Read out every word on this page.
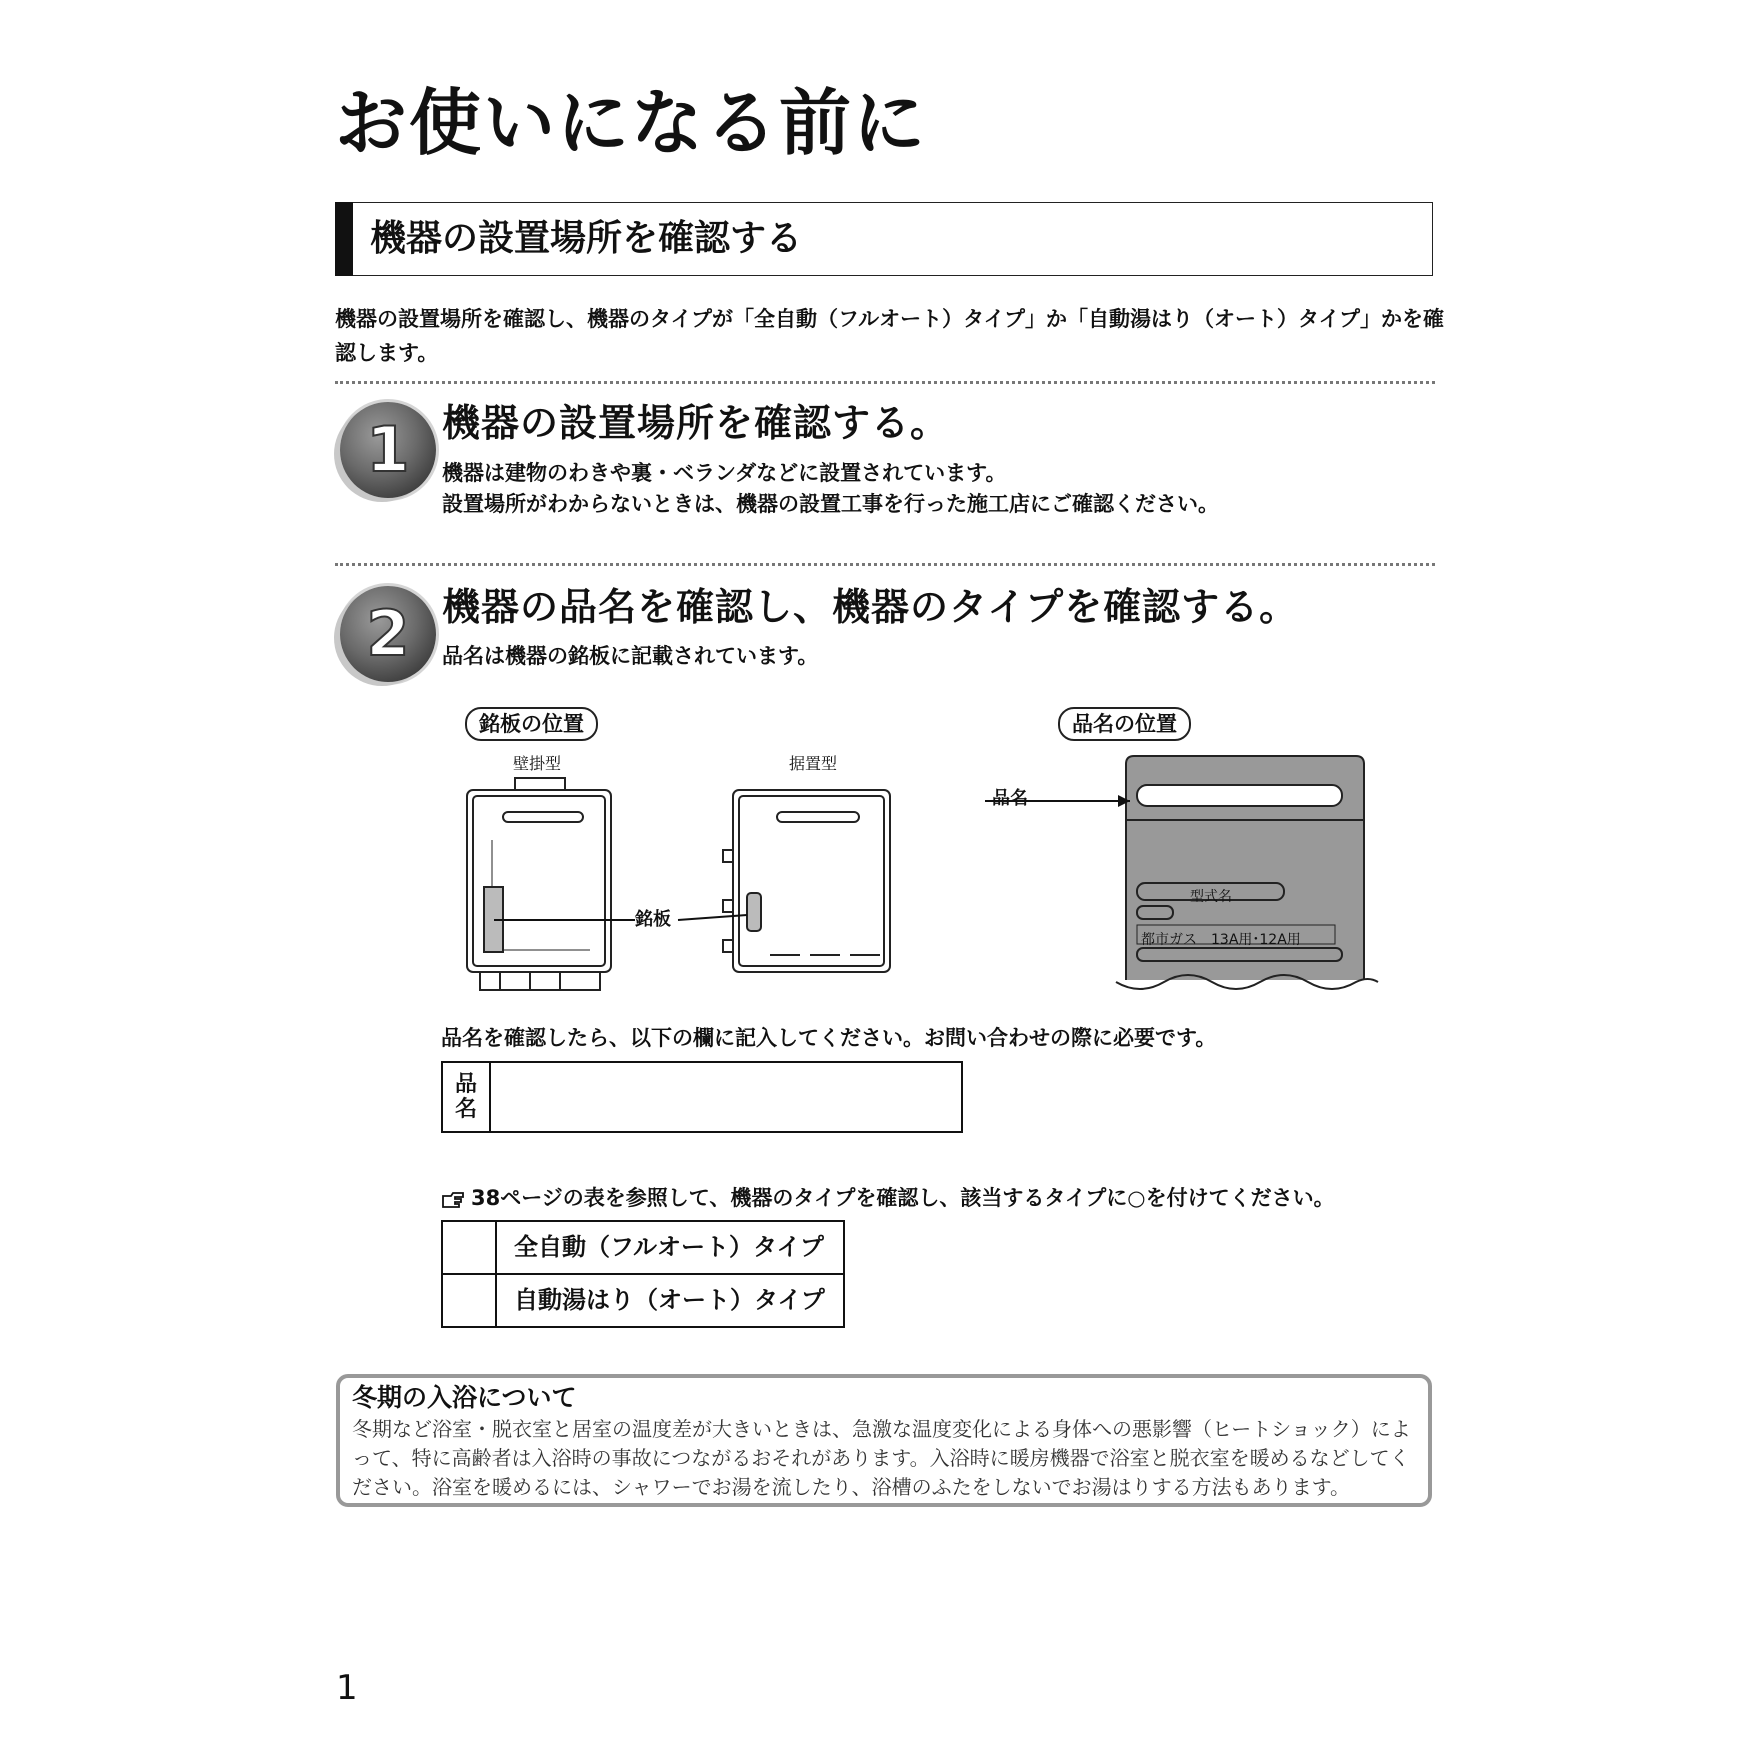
お使いになる前に
機器の設置場所を確認する
機器の設置場所を確認し、機器のタイプが「全自動（フルオート）タイプ」か「自動湯はり（オート）タイプ」かを確認します。
1 機器の設置場所を確認する。
機器は建物のわきや裏・ベランダなどに設置されています。
設置場所がわからないときは、機器の設置工事を行った施工店にご確認ください。
2 機器の品名を確認し、機器のタイプを確認する。
品名は機器の銘板に記載されています。
銘板の位置	品名の位置
壁掛型	据置型
銘板
品名
型式名
都市ガス　13A用･12A用
品名を確認したら、以下の欄に記入してください。お問い合わせの際に必要です。
品名
38ページの表を参照して、機器のタイプを確認し、該当するタイプに○を付けてください。
全自動（フルオート）タイプ
自動湯はり（オート）タイプ
冬期の入浴について
冬期など浴室・脱衣室と居室の温度差が大きいときは、急激な温度変化による身体への悪影響（ヒートショック）によって、特に高齢者は入浴時の事故につながるおそれがあります。入浴時に暖房機器で浴室と脱衣室を暖めるなどしてください。浴室を暖めるには、シャワーでお湯を流したり、浴槽のふたをしないでお湯はりする方法もあります。
1
